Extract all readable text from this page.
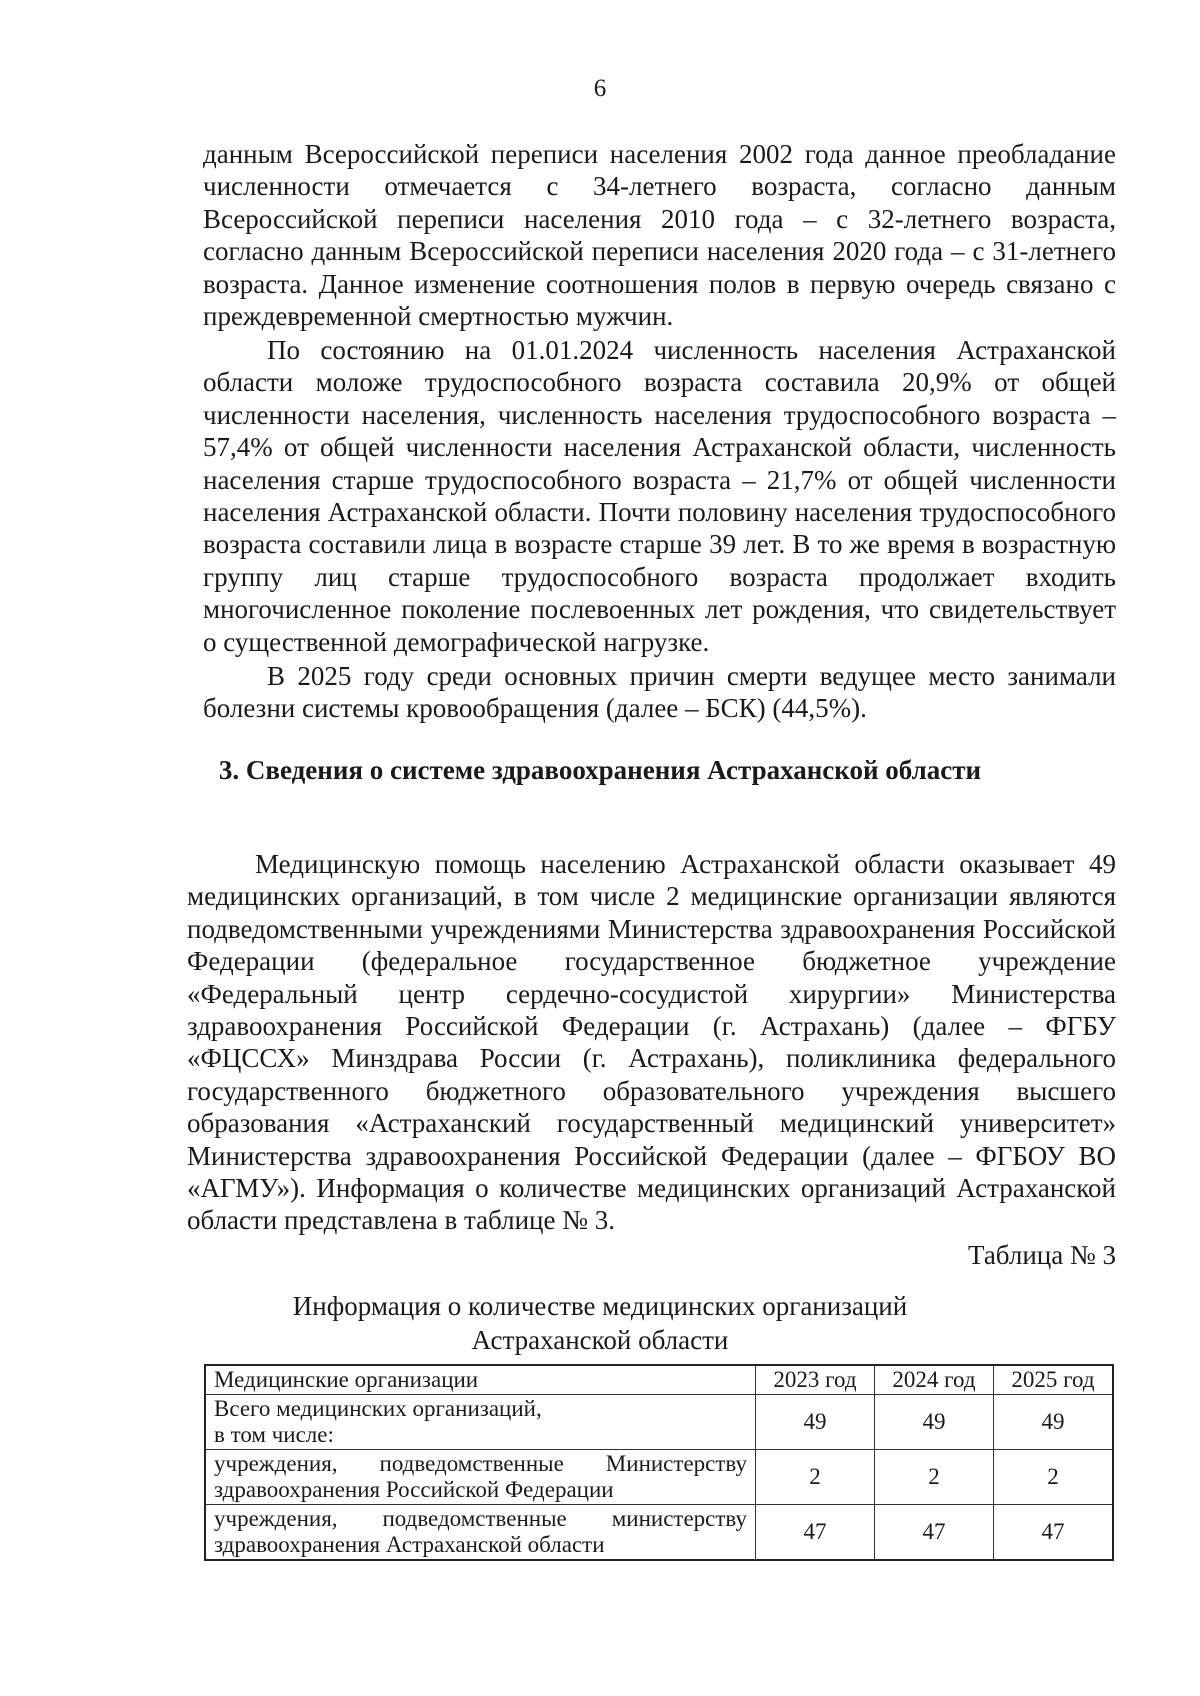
6

данным Всероссийской переписи населения 2002 года данное преобладание численности отмечается с 34-летнего возраста, согласно данным Всероссийской переписи населения 2010 года – с 32-летнего возраста, согласно данным Всероссийской переписи населения 2020 года – с 31-летнего возраста. Данное изменение соотношения полов в первую очередь связано с преждевременной смертностью мужчин.

По состоянию на 01.01.2024 численность населения Астраханской области моложе трудоспособного возраста составила 20,9% от общей численности населения, численность населения трудоспособного возраста – 57,4% от общей численности населения Астраханской области, численность населения старше трудоспособного возраста – 21,7% от общей численности населения Астраханской области. Почти половину населения трудоспособного возраста составили лица в возрасте старше 39 лет. В то же время в возрастную группу лиц старше трудоспособного возраста продолжает входить многочисленное поколение послевоенных лет рождения, что свидетельствует о существенной демографической нагрузке.

В 2025 году среди основных причин смерти ведущее место занимали болезни системы кровообращения (далее – БСК) (44,5%).

3. Сведения о системе здравоохранения Астраханской области

Медицинскую помощь населению Астраханской области оказывает 49 медицинских организаций, в том числе 2 медицинские организации являются подведомственными учреждениями Министерства здравоохранения Российской Федерации (федеральное государственное бюджетное учреждение «Федеральный центр сердечно-сосудистой хирургии» Министерства здравоохранения Российской Федерации (г. Астрахань) (далее – ФГБУ «ФЦССХ» Минздрава России (г. Астрахань), поликлиника федерального государственного бюджетного образовательного учреждения высшего образования «Астраханский государственный медицинский университет» Министерства здравоохранения Российской Федерации (далее – ФГБОУ ВО «АГМУ»). Информация о количестве медицинских организаций Астраханской области представлена в таблице № 3.

Таблица № 3
Информация о количестве медицинских организаций
Астраханской области
Медицинские организации	2023 год	2024 год	2025 год
Всего медицинских организаций,
в том числе:	49	49	49
учреждения, подведомственные Министерству здравоохранения Российской Федерации	2	2	2
учреждения, подведомственные министерству здравоохранения Астраханской области	47	47	47
